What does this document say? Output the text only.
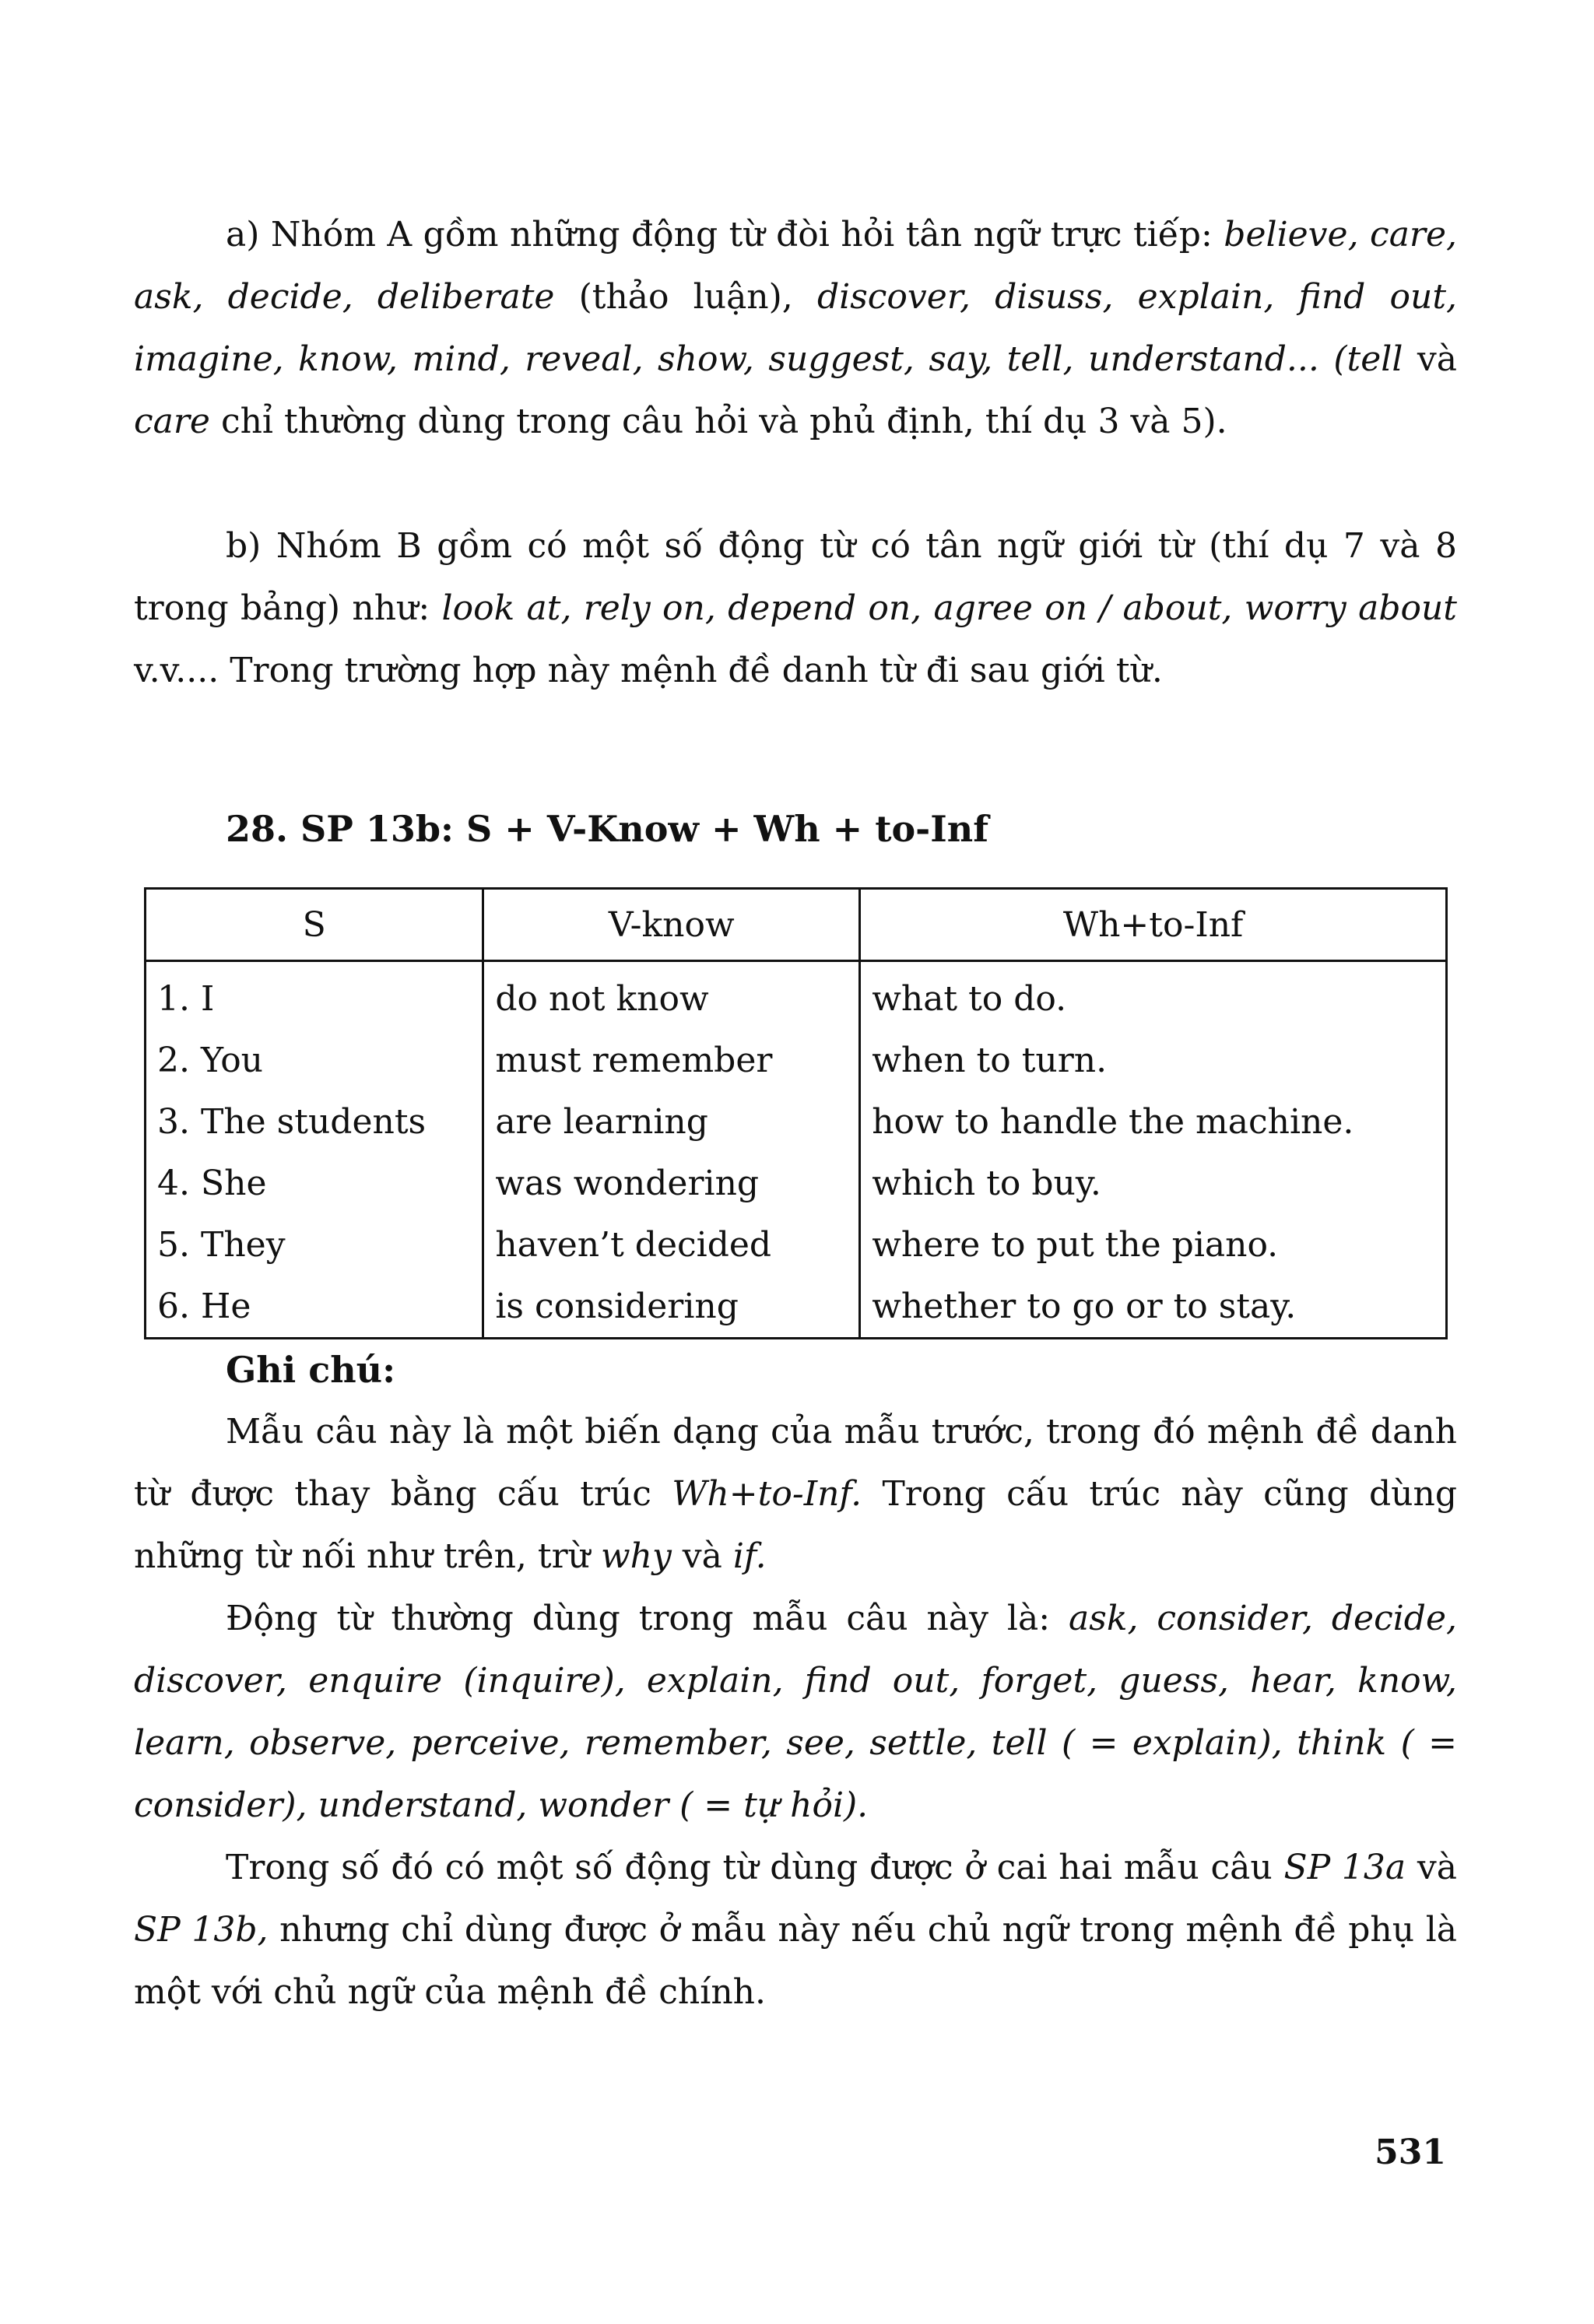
a) Nhóm A gồm những động từ đòi hỏi tân ngữ trực tiếp: believe, care, ask, decide, deliberate (thảo luận), discover, disuss, explain, find out, imagine, know, mind, reveal, show, suggest, say, tell, understand... (tell và care chỉ thường dùng trong câu hỏi và phủ định, thí dụ 3 và 5).

b) Nhóm B gồm có một số động từ có tân ngữ giới từ (thí dụ 7 và 8 trong bảng) như: look at, rely on, depend on, agree on / about, worry about v.v.... Trong trường hợp này mệnh đề danh từ đi sau giới từ.

28. SP 13b: S + V-Know + Wh + to-Inf
S	V-know	Wh+to-Inf
1. I	do not know	what to do.
2. You	must remember	when to turn.
3. The students	are learning	how to handle the machine.
4. She	was wondering	which to buy.
5. They	haven’t decided	where to put the piano.
6. He	is considering	whether to go or to stay.
Ghi chú:

Mẫu câu này là một biến dạng của mẫu trước, trong đó mệnh đề danh từ được thay bằng cấu trúc Wh+to-Inf. Trong cấu trúc này cũng dùng những từ nối như trên, trừ why và if.

Động từ thường dùng trong mẫu câu này là: ask, consider, decide, discover, enquire (inquire), explain, find out, forget, guess, hear, know, learn, observe, perceive, remember, see, settle, tell ( = explain), think ( = consider), understand, wonder ( = tự hỏi).

Trong số đó có một số động từ dùng được ở cai hai mẫu câu SP 13a và SP 13b, nhưng chỉ dùng được ở mẫu này nếu chủ ngữ trong mệnh đề phụ là một với chủ ngữ của mệnh đề chính.

531
